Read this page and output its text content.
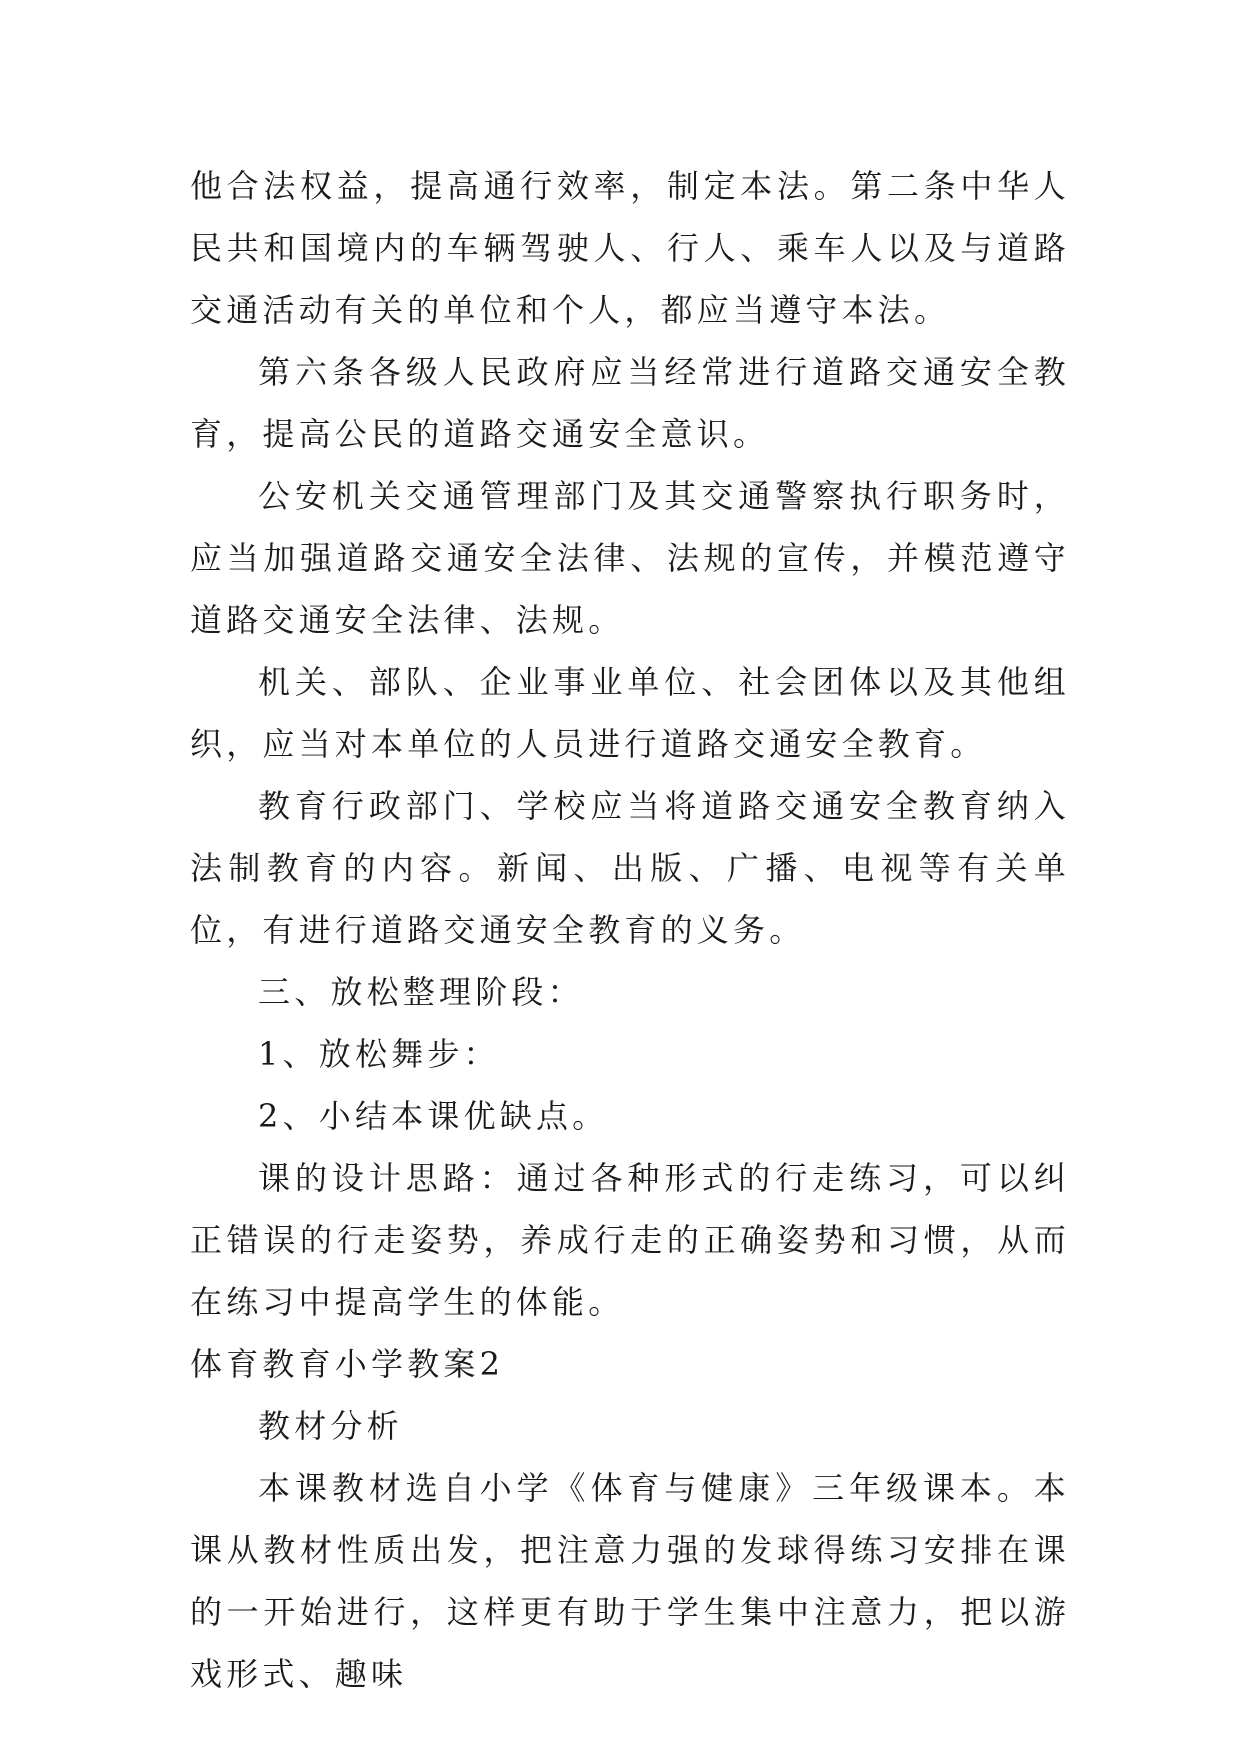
他合法权益，提高通行效率，制定本法。第二条中华人民共和国境内的车辆驾驶人、行人、乘车人以及与道路交通活动有关的单位和个人，都应当遵守本法。

第六条各级人民政府应当经常进行道路交通安全教育，提高公民的道路交通安全意识。

公安机关交通管理部门及其交通警察执行职务时，应当加强道路交通安全法律、法规的宣传，并模范遵守道路交通安全法律、法规。

机关、部队、企业事业单位、社会团体以及其他组织，应当对本单位的人员进行道路交通安全教育。

教育行政部门、学校应当将道路交通安全教育纳入法制教育的内容。新闻、出版、广播、电视等有关单位，有进行道路交通安全教育的义务。

三、放松整理阶段：

1、放松舞步：

2、小结本课优缺点。

课的设计思路：通过各种形式的行走练习，可以纠正错误的行走姿势，养成行走的正确姿势和习惯，从而在练习中提高学生的体能。

体育教育小学教案2

教材分析

本课教材选自小学《体育与健康》三年级课本。本课从教材性质出发，把注意力强的发球得练习安排在课的一开始进行，这样更有助于学生集中注意力，把以游戏形式、趣味
